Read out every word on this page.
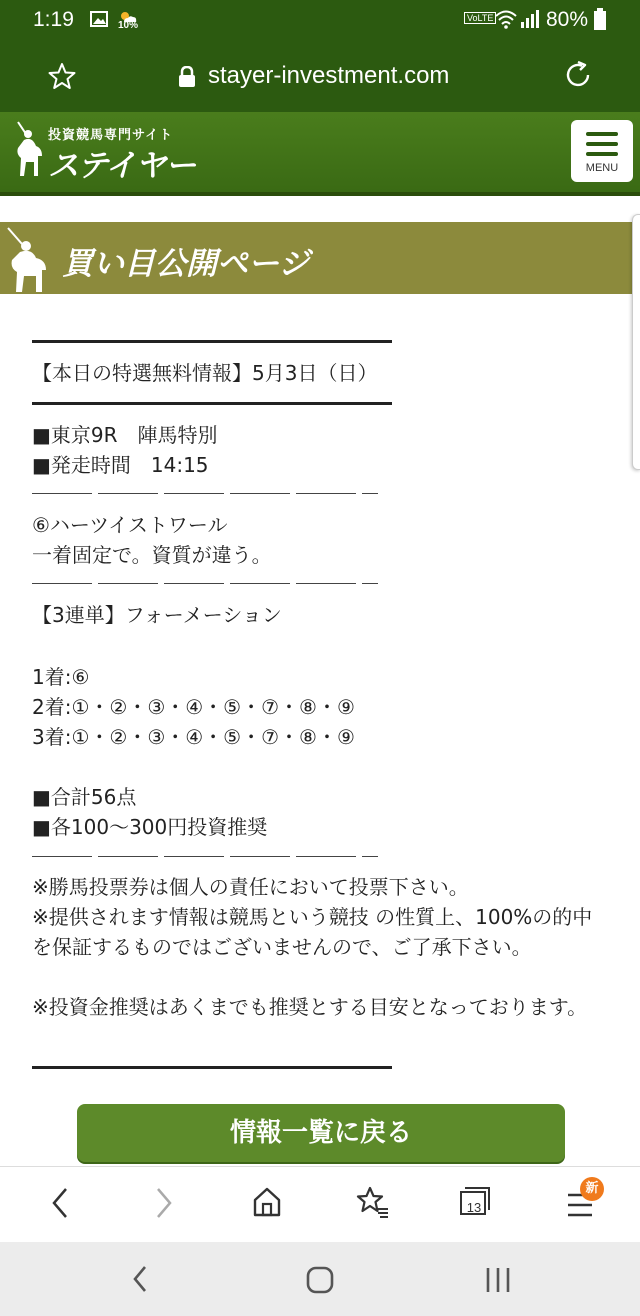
1:19	10%
VoLTE	80%
stayer-investment.com
投資競馬専門サイト
ステイヤー	MENU
買い目公開ページ
【本日の特選無料情報】5月3日（日）
■東京9R　陣馬特別
■発走時間　14:15
⑥ハーツイストワール
一着固定で。資質が違う。
【3連単】フォーメーション
1着:⑥
2着:①・②・③・④・⑤・⑦・⑧・⑨
3着:①・②・③・④・⑤・⑦・⑧・⑨
■合計56点
■各100〜300円投資推奨
※勝馬投票券は個人の責任において投票下さい。
※提供されます情報は競馬という競技 の性質上、100%の的中を保証するものではございませんので、ご了承下さい。
※投資金推奨はあくまでも推奨とする目安となっております。
情報一覧に戻る
13
新
